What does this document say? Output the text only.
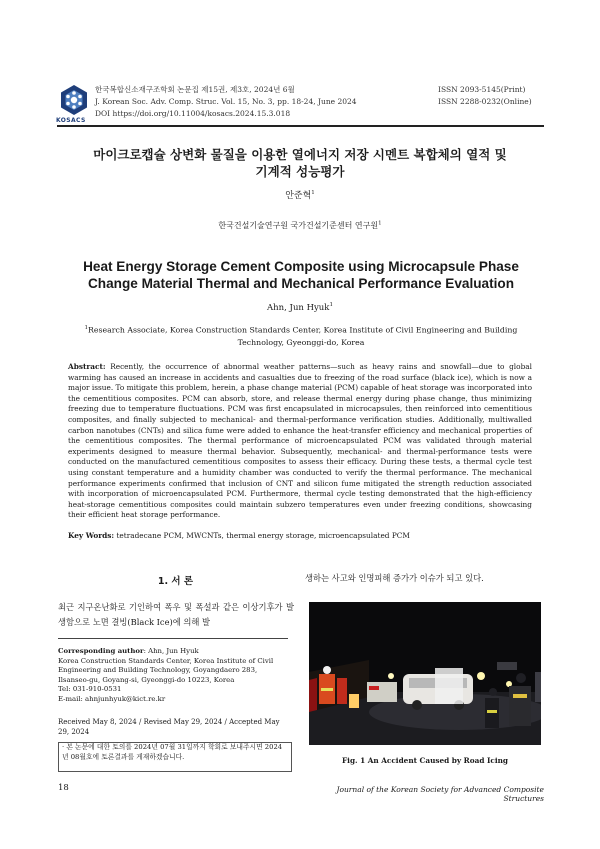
KOSACS
한국복합신소재구조학회 논문집 제15권, 제3호, 2024년 6월
J. Korean Soc. Adv. Comp. Struc. Vol. 15, No. 3, pp. 18-24, June 2024
DOI https://doi.org/10.11004/kosacs.2024.15.3.018
ISSN 2093-5145(Print)
ISSN 2288-0232(Online)
마이크로캡슐 상변화 물질을 이용한 열에너지 저장 시멘트 복합체의 열적 및
기계적 성능평가
안준혁$^1$
한국건설기술연구원 국가건설기준센터 연구원$^1$
Heat Energy Storage Cement Composite using Microcapsule Phase
Change Material Thermal and Mechanical Performance Evaluation
Ahn, Jun Hyuk$^1$
$^1$Research Associate, Korea Construction Standards Center, Korea Institute of Civil Engineering and Building Technology, Gyeonggi-do, Korea
Abstract: Recently, the occurrence of abnormal weather patterns—such as heavy rains and snowfall—due to global warming has caused an increase in accidents and casualties due to freezing of the road surface (black ice), which is now a major issue. To mitigate this problem, herein, a phase change material (PCM) capable of heat storage was incorporated into the cementitious composites. PCM can absorb, store, and release thermal energy during phase change, thus minimizing freezing due to temperature fluctuations. PCM was first encapsulated in microcapsules, then reinforced into cementitious composites, and finally subjected to mechanical- and thermal-performance verification studies. Additionally, multiwalled carbon nanotubes (CNTs) and silica fume were added to enhance the heat-transfer efficiency and mechanical properties of the cementitious composites. The thermal performance of microencapsulated PCM was validated through material experiments designed to measure thermal behavior. Subsequently, mechanical- and thermal-performance tests were conducted on the manufactured cementitious composites to assess their efficacy. During these tests, a thermal cycle test using constant temperature and a humidity chamber was conducted to verify the thermal performance. The mechanical performance experiments confirmed that inclusion of CNT and silicon fume mitigated the strength reduction associated with incorporation of microencapsulated PCM. Furthermore, thermal cycle testing demonstrated that the high-efficiency heat-storage cementitious composites could maintain subzero temperatures even under freezing conditions, showcasing their efficient heat storage performance.
Key Words: tetradecane PCM, MWCNTs, thermal energy storage, microencapsulated PCM
1. 서 론
최근 지구온난화로 기인하여 폭우 및 폭설과 같은 이상기후가 발생함으로 노면 결빙(Black Ice)에 의해 발
Corresponding author: Ahn, Jun Hyuk
Korea Construction Standards Center, Korea Institute of Civil Engineering and Building Technology, Goyangdaero 283, Ilsanseo-gu, Goyang-si, Gyeonggi-do 10223, Korea
Tel: 031-910-0531
E-mail: ahnjunhyuk@kict.re.kr
Received May 8, 2024 / Revised May 29, 2024 / Accepted May 29, 2024
· 본 논문에 대한 토의를 2024년 07월 31일까지 학회로 보내주시면 2024년 08월호에 토론결과를 게재하겠습니다.
생하는 사고와 인명피해 증가가 이슈가 되고 있다.
Fig. 1 An Accident Caused by Road Icing
18	Journal of the Korean Society for Advanced Composite Structures
